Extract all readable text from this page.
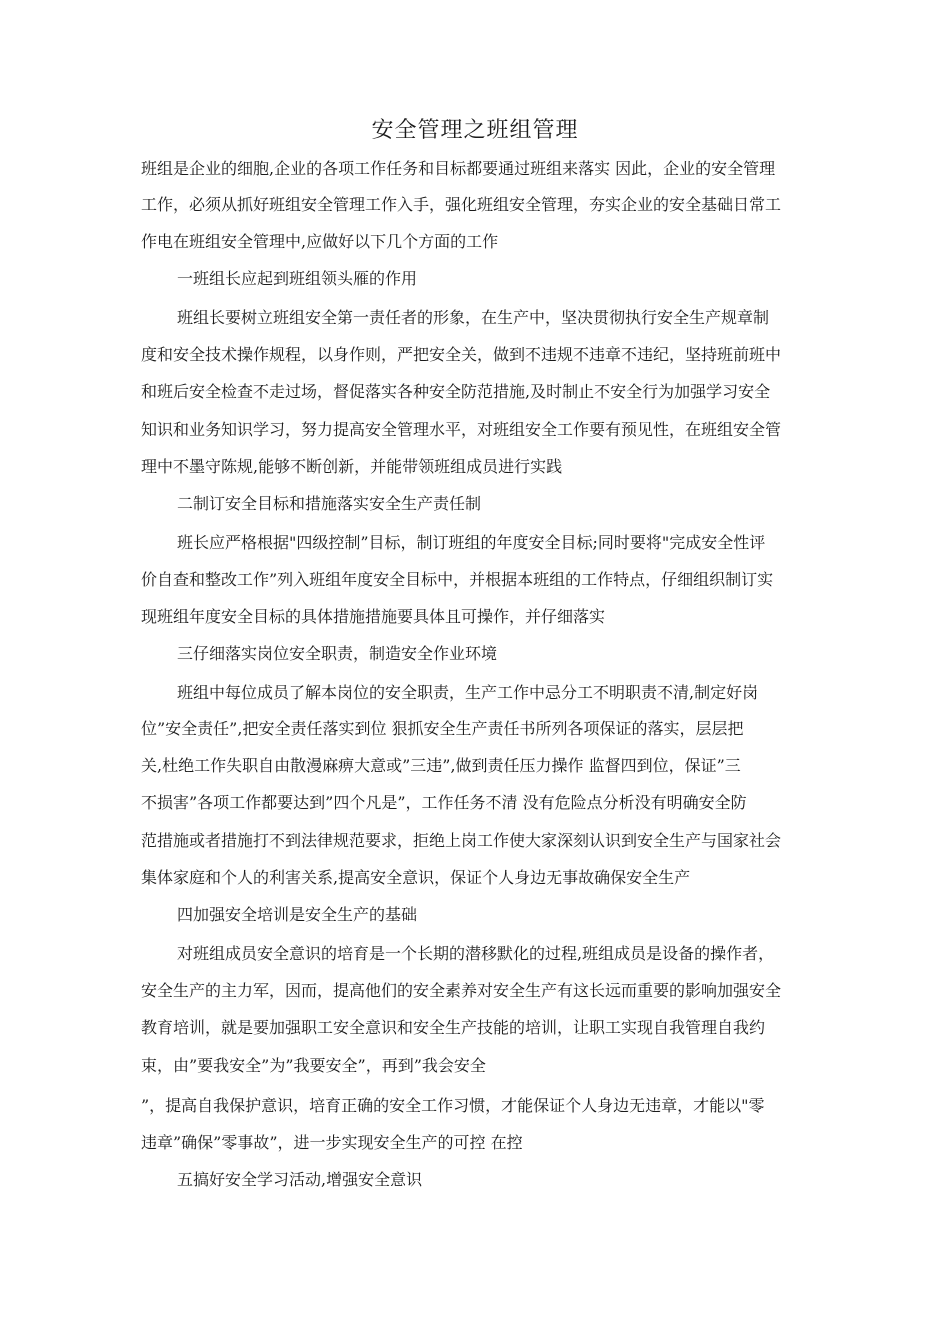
安全管理之班组管理
班组是企业的细胞,企业的各项工作任务和目标都要通过班组来落实 因此，企业的安全管理
工作，必须从抓好班组安全管理工作入手，强化班组安全管理，夯实企业的安全基础日常工
作电在班组安全管理中,应做好以下几个方面的工作
一班组长应起到班组领头雁的作用
班组长要树立班组安全第一责任者的形象，在生产中，坚决贯彻执行安全生产规章制
度和安全技术操作规程，以身作则，严把安全关，做到不违规不违章不违纪，坚持班前班中
和班后安全检查不走过场，督促落实各种安全防范措施,及时制止不安全行为加强学习安全
知识和业务知识学习，努力提高安全管理水平，对班组安全工作要有预见性，在班组安全管
理中不墨守陈规,能够不断创新，并能带领班组成员进行实践
二制订安全目标和措施落实安全生产责任制
班长应严格根据"四级控制”目标，制订班组的年度安全目标;同时要将"完成安全性评
价自查和整改工作”列入班组年度安全目标中，并根据本班组的工作特点，仔细组织制订实
现班组年度安全目标的具体措施措施要具体且可操作，并仔细落实
三仔细落实岗位安全职责，制造安全作业环境
班组中每位成员了解本岗位的安全职责，生产工作中忌分工不明职责不清,制定好岗
位”安全责任”,把安全责任落实到位 狠抓安全生产责任书所列各项保证的落实，层层把
关,杜绝工作失职自由散漫麻痹大意或”三违”,做到责任压力操作 监督四到位，保证”三
不损害”各项工作都要达到”四个凡是”，工作任务不清 没有危险点分析没有明确安全防
范措施或者措施打不到法律规范要求，拒绝上岗工作使大家深刻认识到安全生产与国家社会
集体家庭和个人的利害关系,提高安全意识，保证个人身边无事故确保安全生产
四加强安全培训是安全生产的基础
对班组成员安全意识的培育是一个长期的潜移默化的过程,班组成员是设备的操作者，
安全生产的主力军，因而，提高他们的安全素养对安全生产有这长远而重要的影响加强安全
教育培训，就是要加强职工安全意识和安全生产技能的培训，让职工实现自我管理自我约
束，由”要我安全”为”我要安全”，再到”我会安全
”，提高自我保护意识，培育正确的安全工作习惯，才能保证个人身边无违章，才能以"零
违章”确保”零事故”，进一步实现安全生产的可控 在控
五搞好安全学习活动,增强安全意识
